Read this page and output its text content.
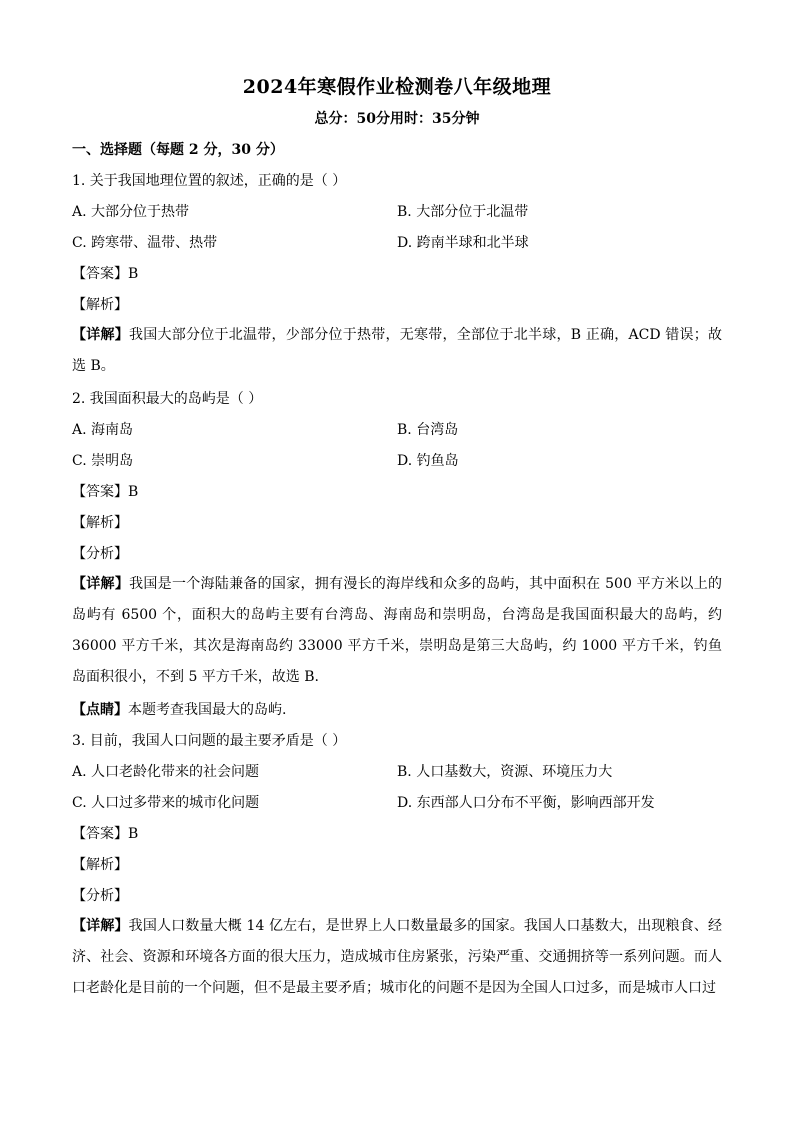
2024年寒假作业检测卷八年级地理
总分：50分用时：35分钟
一、选择题（每题 2 分，30 分）
1. 关于我国地理位置的叙述，正确的是（ ）
A. 大部分位于热带	B. 大部分位于北温带
C. 跨寒带、温带、热带	D. 跨南半球和北半球
【答案】B
【解析】
【详解】我国大部分位于北温带，少部分位于热带，无寒带，全部位于北半球，B 正确，ACD 错误；故选 B。
2. 我国面积最大的岛屿是（ ）
A. 海南岛	B. 台湾岛
C. 崇明岛	D. 钓鱼岛
【答案】B
【解析】
【分析】
【详解】我国是一个海陆兼备的国家，拥有漫长的海岸线和众多的岛屿，其中面积在 500 平方米以上的岛屿有 6500 个，面积大的岛屿主要有台湾岛、海南岛和崇明岛，台湾岛是我国面积最大的岛屿，约 36000 平方千米，其次是海南岛约 33000 平方千米，崇明岛是第三大岛屿，约 1000 平方千米，钓鱼岛面积很小，不到 5 平方千米，故选 B.
【点睛】本题考查我国最大的岛屿.
3. 目前，我国人口问题的最主要矛盾是（ ）
A. 人口老龄化带来的社会问题	B. 人口基数大，资源、环境压力大
C. 人口过多带来的城市化问题	D. 东西部人口分布不平衡，影响西部开发
【答案】B
【解析】
【分析】
【详解】我国人口数量大概 14 亿左右，是世界上人口数量最多的国家。我国人口基数大，出现粮食、经济、社会、资源和环境各方面的很大压力，造成城市住房紧张，污染严重、交通拥挤等一系列问题。而人口老龄化是目前的一个问题，但不是最主要矛盾；城市化的问题不是因为全国人口过多，而是城市人口过
